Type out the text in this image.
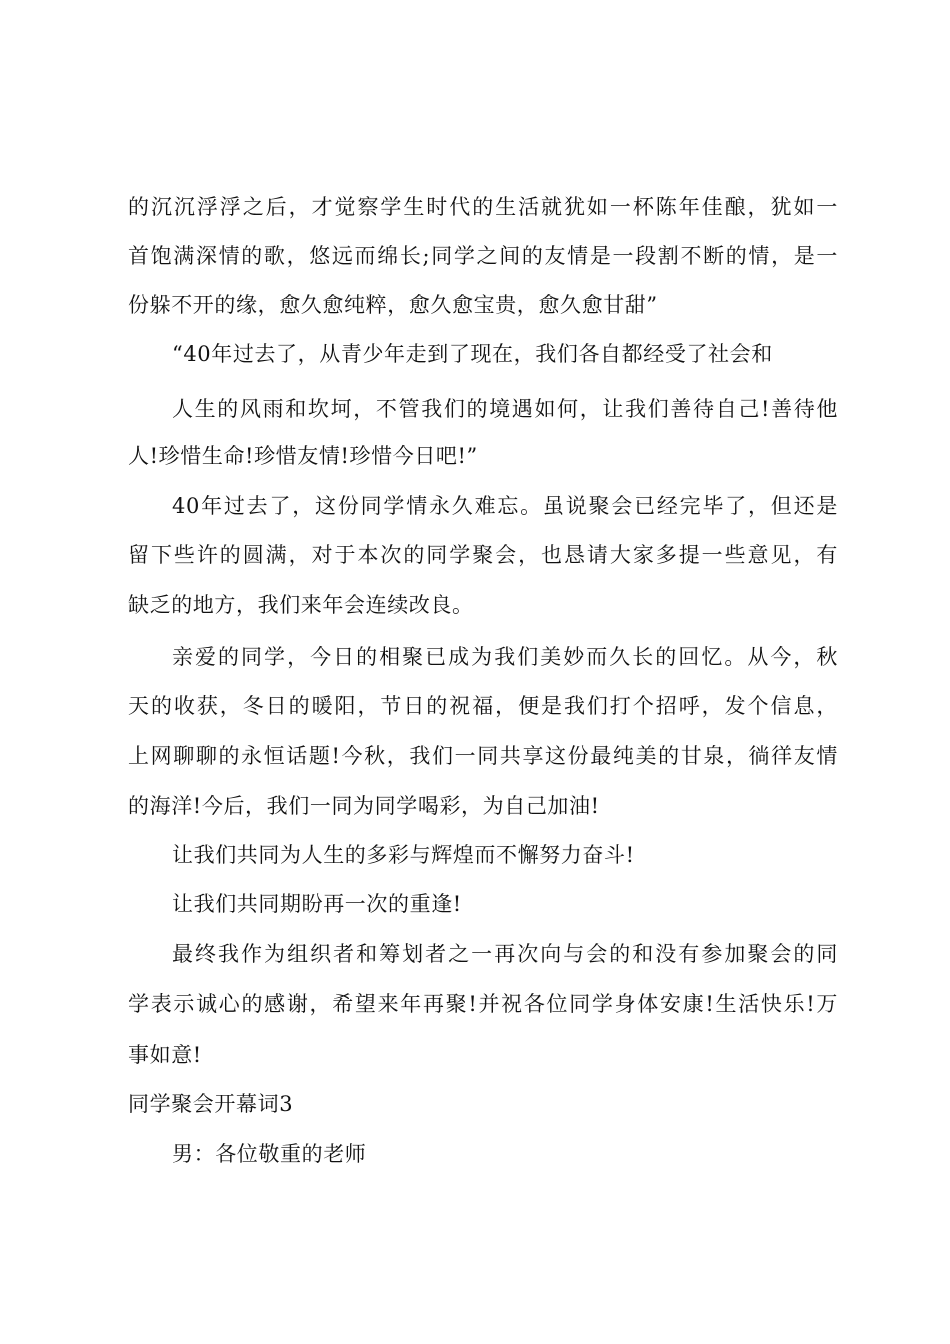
的沉沉浮浮之后，才觉察学生时代的生活就犹如一杯陈年佳酿，犹如一
首饱满深情的歌，悠远而绵长;同学之间的友情是一段割不断的情，是一
份躲不开的缘，愈久愈纯粹，愈久愈宝贵，愈久愈甘甜”
“40年过去了，从青少年走到了现在，我们各自都经受了社会和
人生的风雨和坎坷，不管我们的境遇如何，让我们善待自己!善待他
人!珍惜生命!珍惜友情!珍惜今日吧!”
40年过去了，这份同学情永久难忘。虽说聚会已经完毕了，但还是
留下些许的圆满，对于本次的同学聚会，也恳请大家多提一些意见，有
缺乏的地方，我们来年会连续改良。
亲爱的同学，今日的相聚已成为我们美妙而久长的回忆。从今，秋
天的收获，冬日的暖阳，节日的祝福，便是我们打个招呼，发个信息，
上网聊聊的永恒话题!今秋，我们一同共享这份最纯美的甘泉，徜徉友情
的海洋!今后，我们一同为同学喝彩，为自己加油!
让我们共同为人生的多彩与辉煌而不懈努力奋斗!
让我们共同期盼再一次的重逢!
最终我作为组织者和筹划者之一再次向与会的和没有参加聚会的同
学表示诚心的感谢，希望来年再聚!并祝各位同学身体安康!生活快乐!万
事如意!
同学聚会开幕词3
男：各位敬重的老师
